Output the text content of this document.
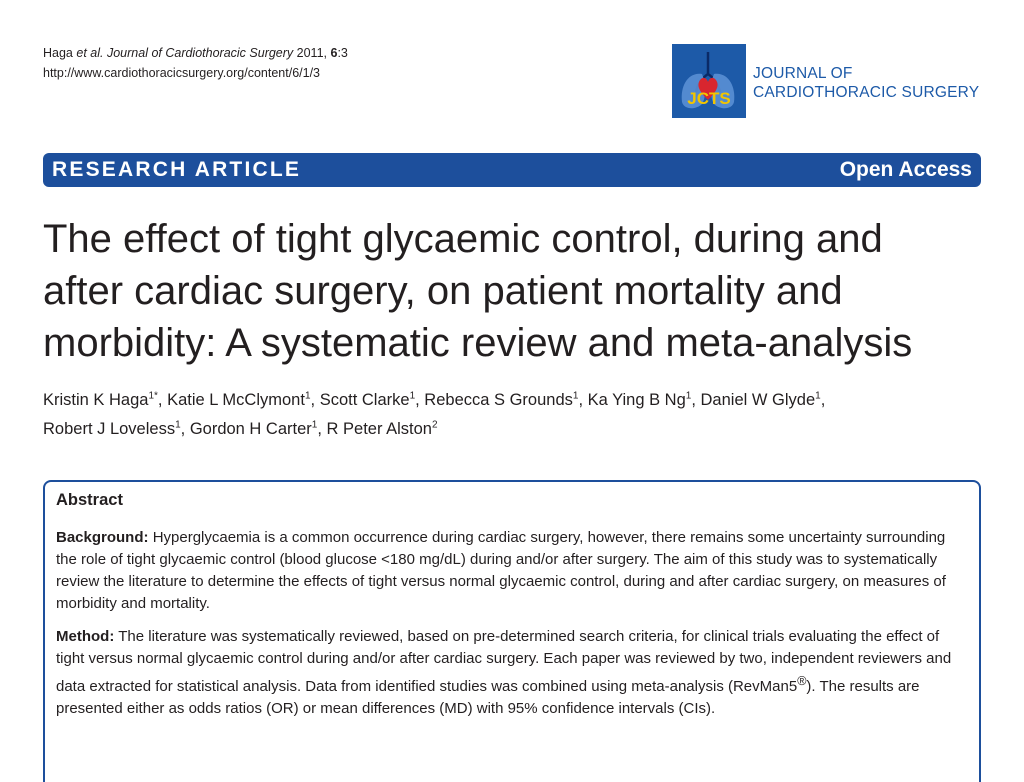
Haga et al. Journal of Cardiothoracic Surgery 2011, 6:3
http://www.cardiothoracicsurgery.org/content/6/1/3
JCTS
JOURNAL OF
CARDIOTHORACIC SURGERY
RESEARCH ARTICLE	Open Access
The effect of tight glycaemic control, during and
after cardiac surgery, on patient mortality and
morbidity: A systematic review and meta-analysis
Kristin K Haga$^{1*}$, Katie L McClymont$^1$, Scott Clarke$^1$, Rebecca S Grounds$^1$, Ka Ying B Ng$^1$, Daniel W Glyde$^1$,
Robert J Loveless$^1$, Gordon H Carter$^1$, R Peter Alston$^2$
Abstract

Background: Hyperglycaemia is a common occurrence during cardiac surgery, however, there remains some uncertainty surrounding the role of tight glycaemic control (blood glucose <180 mg/dL) during and/or after surgery. The aim of this study was to systematically review the literature to determine the effects of tight versus normal glycaemic control, during and after cardiac surgery, on measures of morbidity and mortality.

Method: The literature was systematically reviewed, based on pre-determined search criteria, for clinical trials evaluating the effect of tight versus normal glycaemic control during and/or after cardiac surgery. Each paper was reviewed by two, independent reviewers and data extracted for statistical analysis. Data from identified studies was combined using meta-analysis (RevMan5®). The results are presented either as odds ratios (OR) or mean differences (MD) with 95% confidence intervals (CIs).
